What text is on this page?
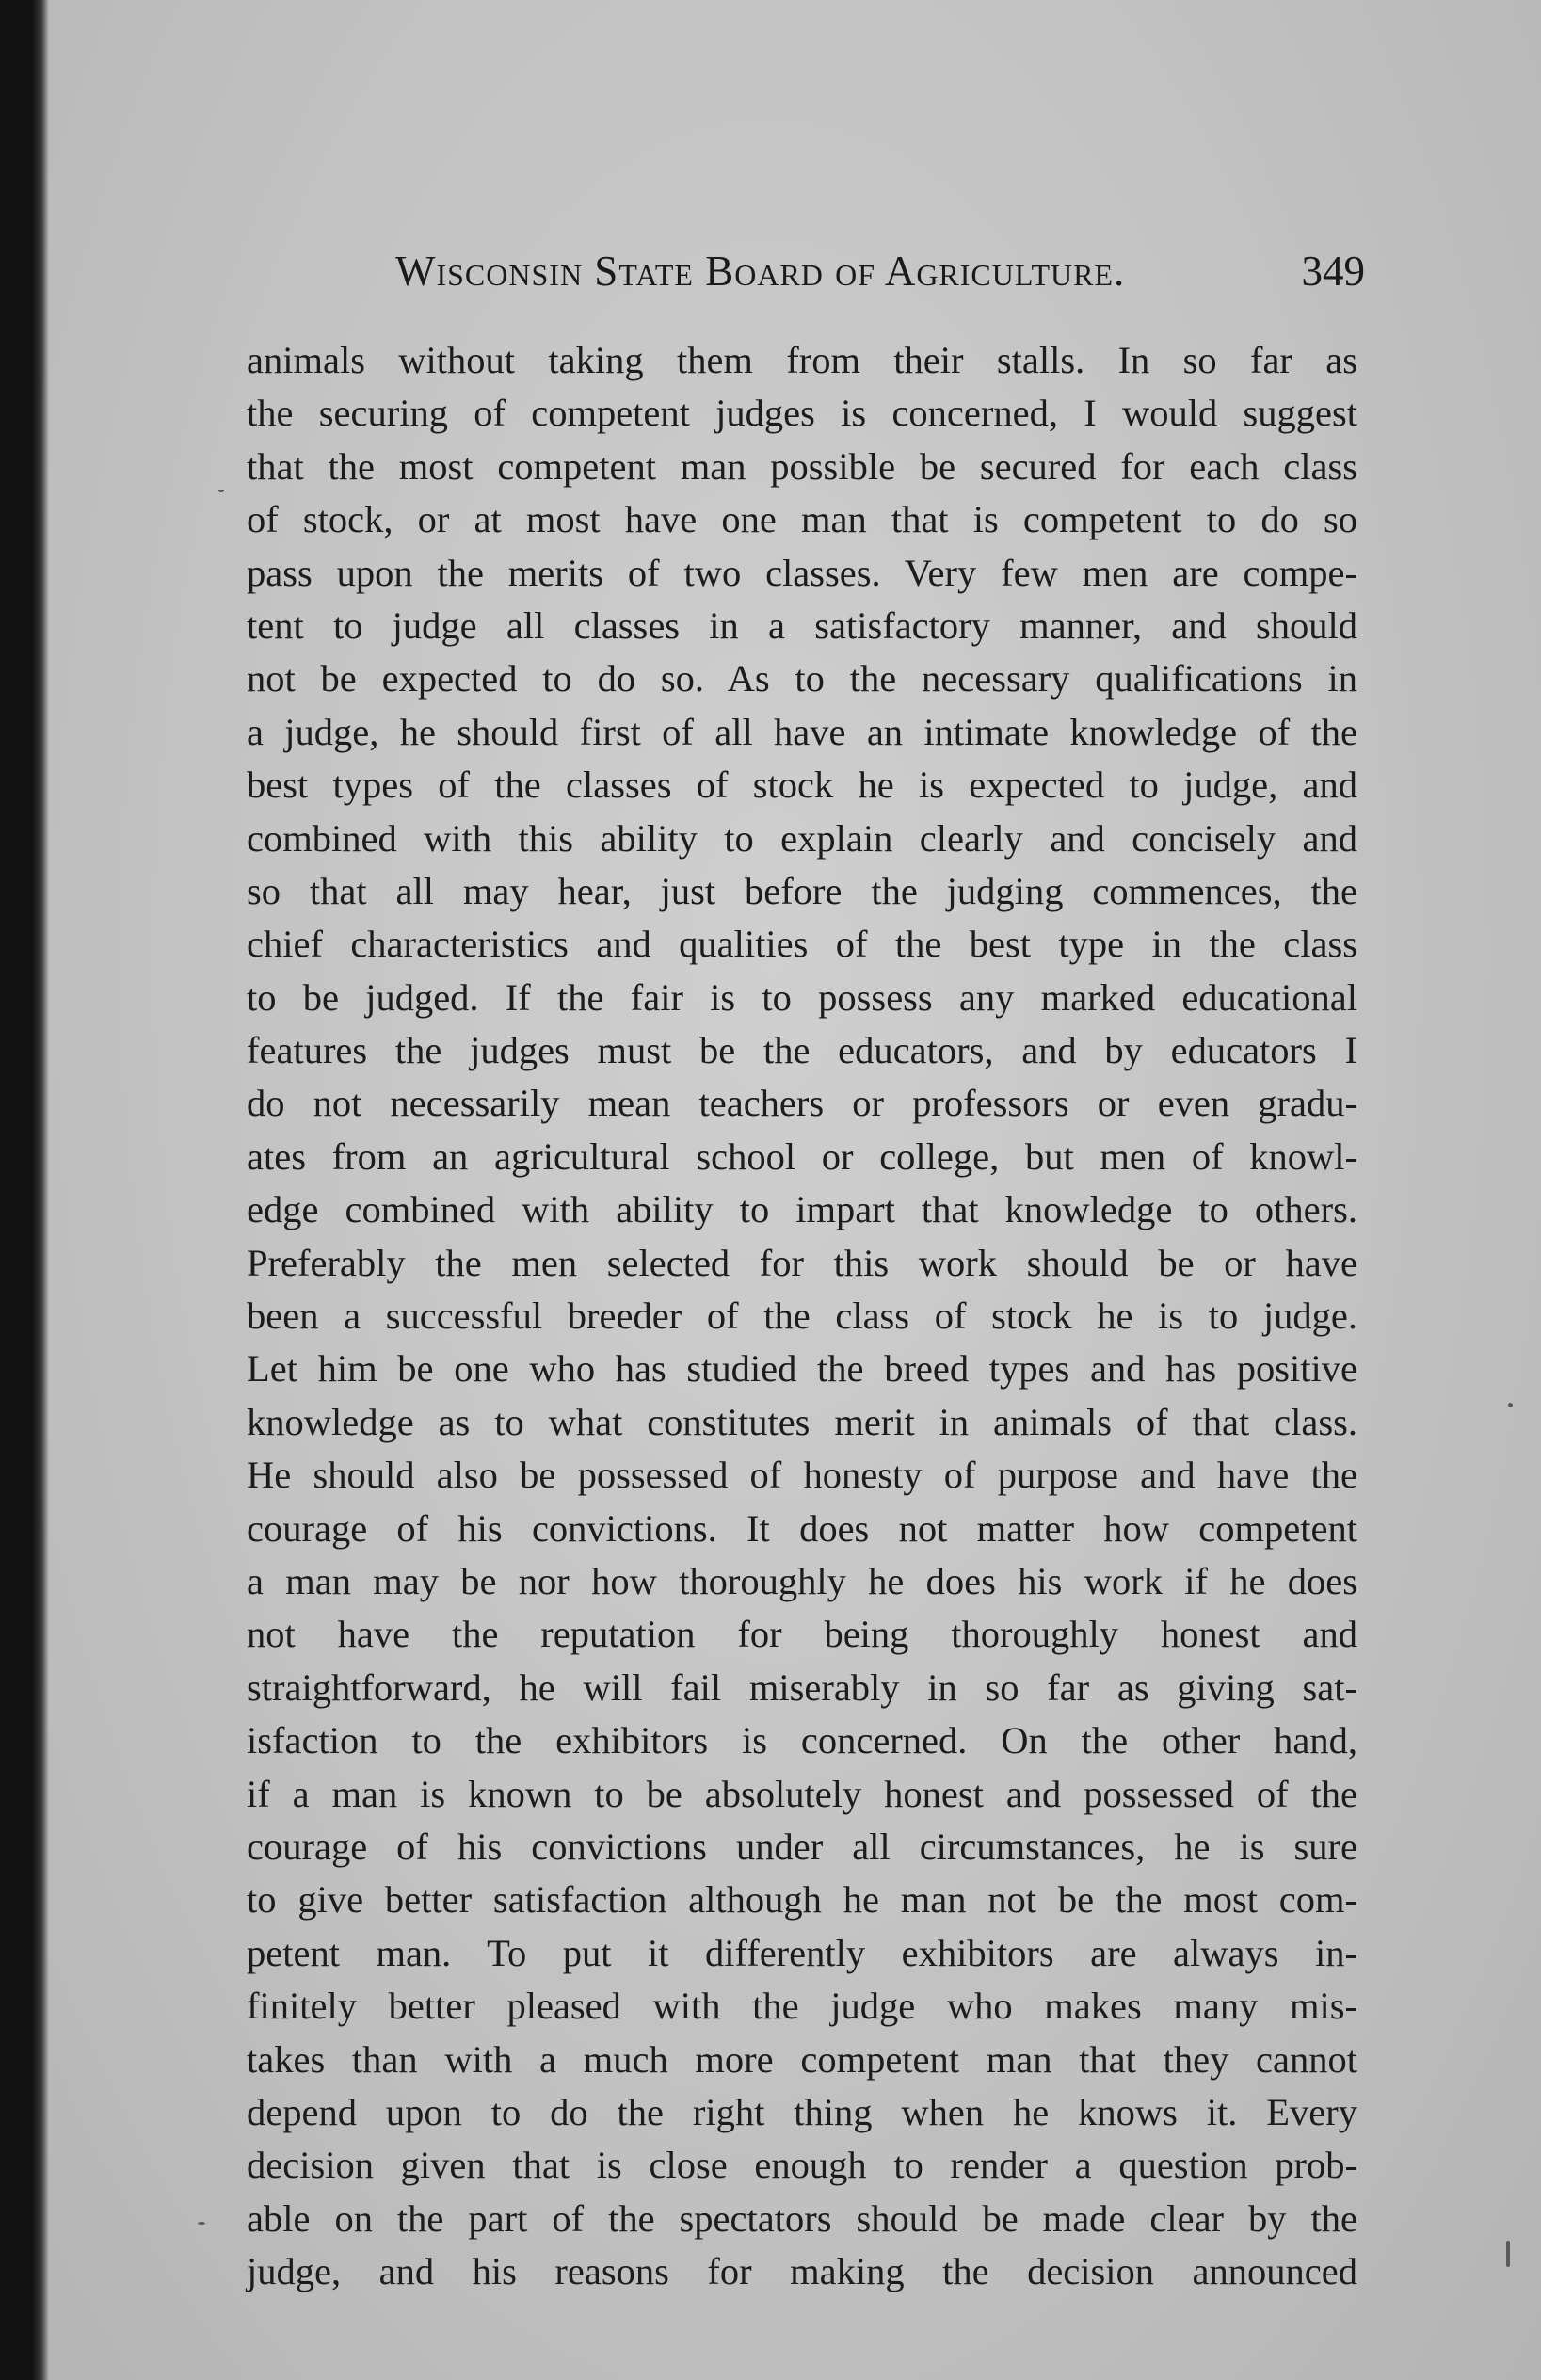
Wisconsin State Board of Agriculture.	349
animals without taking them from their stalls. In so far as
the securing of competent judges is concerned, I would suggest
that the most competent man possible be secured for each class
of stock, or at most have one man that is competent to do so
pass upon the merits of two classes. Very few men are compe-
tent to judge all classes in a satisfactory manner, and should
not be expected to do so. As to the necessary qualifications in
a judge, he should first of all have an intimate knowledge of the
best types of the classes of stock he is expected to judge, and
combined with this ability to explain clearly and concisely and
so that all may hear, just before the judging commences, the
chief characteristics and qualities of the best type in the class
to be judged. If the fair is to possess any marked educational
features the judges must be the educators, and by educators I
do not necessarily mean teachers or professors or even gradu-
ates from an agricultural school or college, but men of knowl-
edge combined with ability to impart that knowledge to others.
Preferably the men selected for this work should be or have
been a successful breeder of the class of stock he is to judge.
Let him be one who has studied the breed types and has positive
knowledge as to what constitutes merit in animals of that class.
He should also be possessed of honesty of purpose and have the
courage of his convictions. It does not matter how competent
a man may be nor how thoroughly he does his work if he does
not have the reputation for being thoroughly honest and
straightforward, he will fail miserably in so far as giving sat-
isfaction to the exhibitors is concerned. On the other hand,
if a man is known to be absolutely honest and possessed of the
courage of his convictions under all circumstances, he is sure
to give better satisfaction although he man not be the most com-
petent man. To put it differently exhibitors are always in-
finitely better pleased with the judge who makes many mis-
takes than with a much more competent man that they cannot
depend upon to do the right thing when he knows it. Every
decision given that is close enough to render a question prob-
able on the part of the spectators should be made clear by the
judge, and his reasons for making the decision announced
